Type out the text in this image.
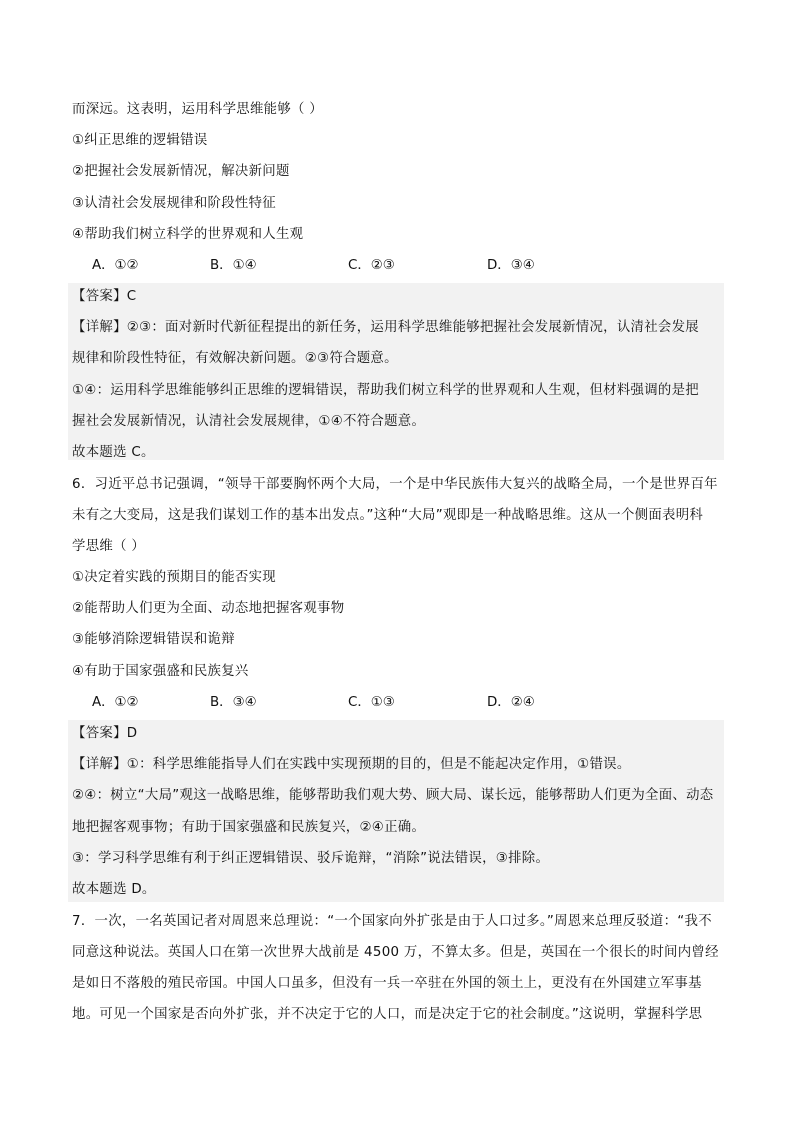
而深远。这表明，运用科学思维能够（ ）
①纠正思维的逻辑错误
②把握社会发展新情况，解决新问题
③认清社会发展规律和阶段性特征
④帮助我们树立科学的世界观和人生观
A．①②	B．①④	C．②③	D．③④
【答案】C
【详解】②③：面对新时代新征程提出的新任务，运用科学思维能够把握社会发展新情况，认清社会发展
规律和阶段性特征，有效解决新问题。②③符合题意。
①④：运用科学思维能够纠正思维的逻辑错误，帮助我们树立科学的世界观和人生观，但材料强调的是把
握社会发展新情况，认清社会发展规律，①④不符合题意。
故本题选 C。
6．习近平总书记强调，“领导干部要胸怀两个大局，一个是中华民族伟大复兴的战略全局，一个是世界百年
未有之大变局，这是我们谋划工作的基本出发点。”这种“大局”观即是一种战略思维。这从一个侧面表明科
学思维（ ）
①决定着实践的预期目的能否实现
②能帮助人们更为全面、动态地把握客观事物
③能够消除逻辑错误和诡辩
④有助于国家强盛和民族复兴
A．①②	B．③④	C．①③	D．②④
【答案】D
【详解】①：科学思维能指导人们在实践中实现预期的目的，但是不能起决定作用，①错误。
②④：树立“大局”观这一战略思维，能够帮助我们观大势、顾大局、谋长远，能够帮助人们更为全面、动态
地把握客观事物；有助于国家强盛和民族复兴，②④正确。
③：学习科学思维有利于纠正逻辑错误、驳斥诡辩，“消除”说法错误，③排除。
故本题选 D。
7．一次，一名英国记者对周恩来总理说：“一个国家向外扩张是由于人口过多。”周恩来总理反驳道：“我不
同意这种说法。英国人口在第一次世界大战前是 4500 万，不算太多。但是，英国在一个很长的时间内曾经
是如日不落般的殖民帝国。中国人口虽多，但没有一兵一卒驻在外国的领土上，更没有在外国建立军事基
地。可见一个国家是否向外扩张，并不决定于它的人口，而是决定于它的社会制度。”这说明，掌握科学思
